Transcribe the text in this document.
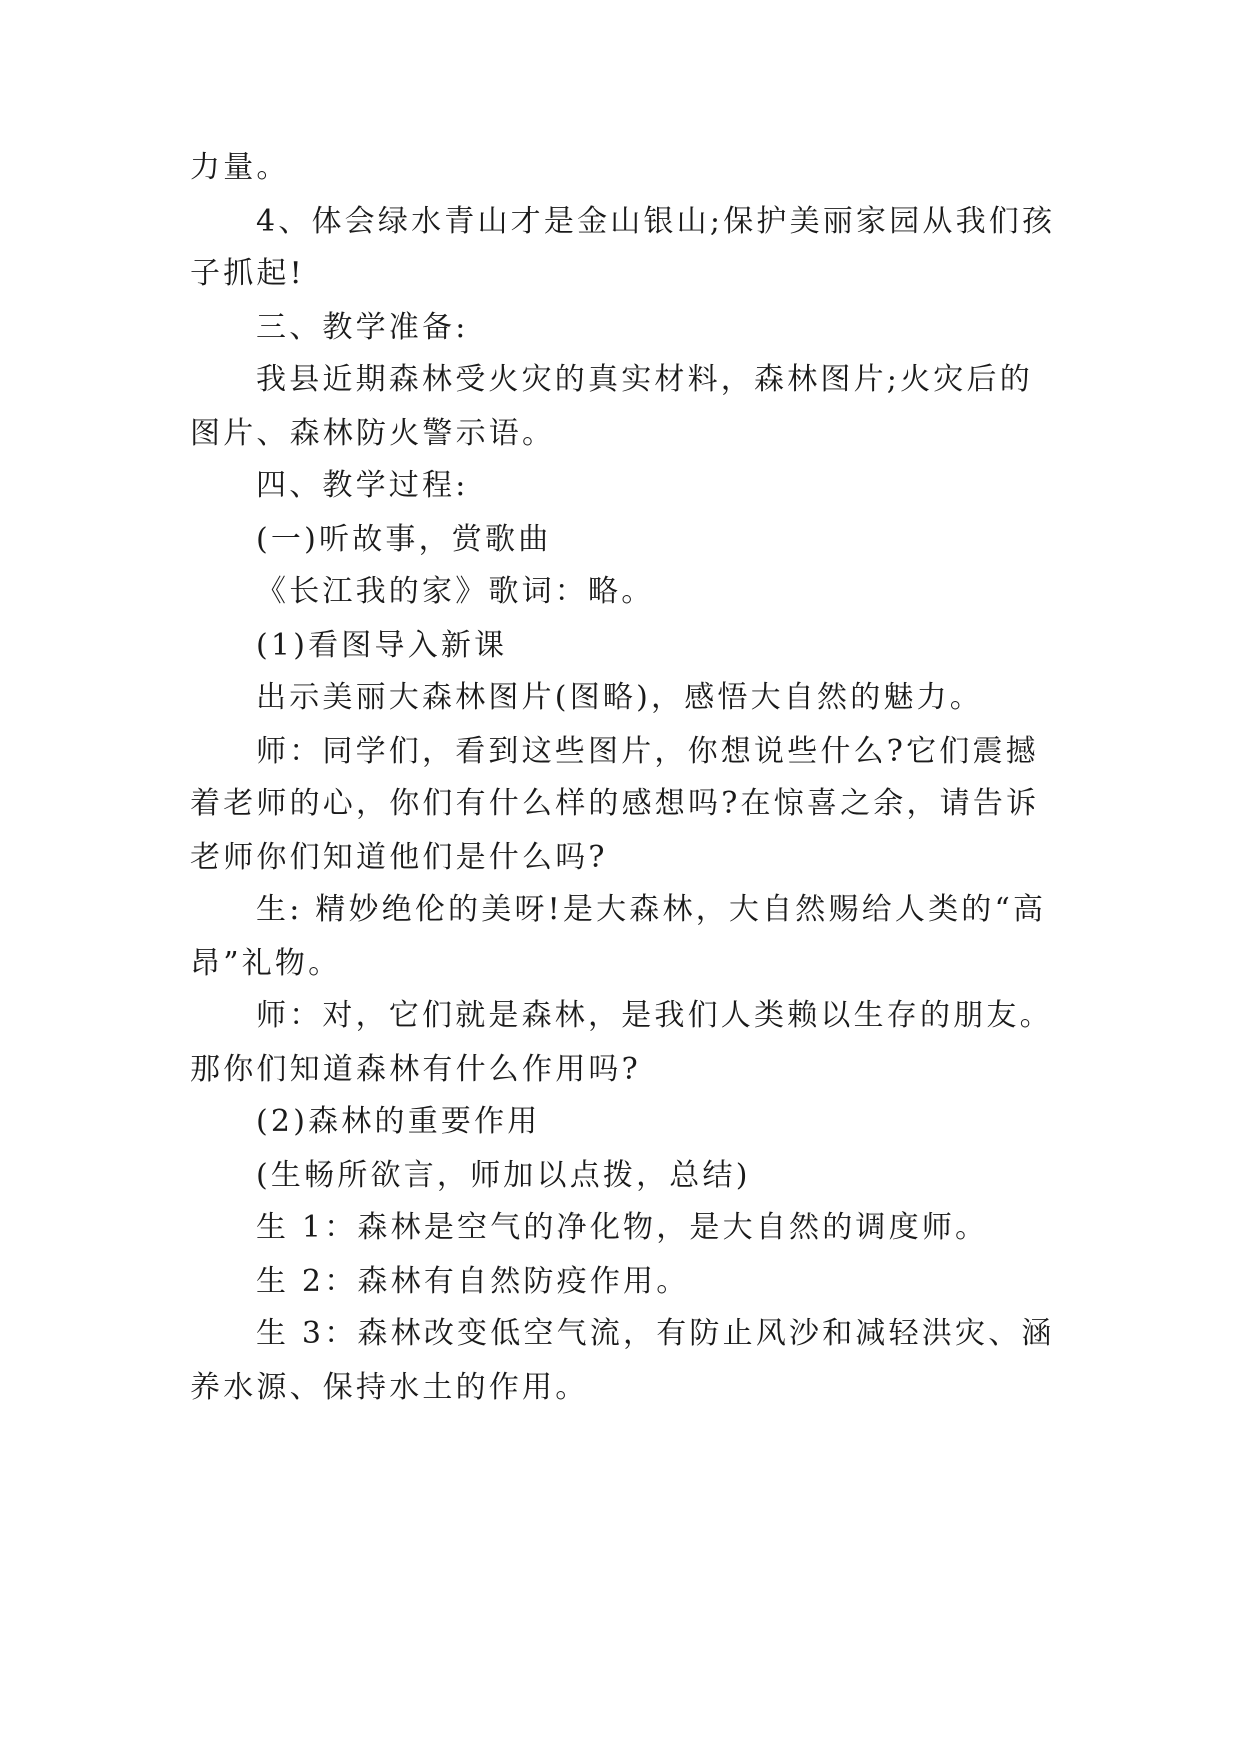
力量。
4、体会绿水青山才是金山银山;保护美丽家园从我们孩
子抓起!
三、教学准备:
我县近期森林受火灾的真实材料，森林图片;火灾后的
图片、森林防火警示语。
四、教学过程:
(一)听故事，赏歌曲
《长江我的家》歌词：略。
(1)看图导入新课
出示美丽大森林图片(图略)，感悟大自然的魅力。
师：同学们，看到这些图片，你想说些什么?它们震撼
着老师的心，你们有什么样的感想吗?在惊喜之余，请告诉
老师你们知道他们是什么吗?
生: 精妙绝伦的美呀!是大森林，大自然赐给人类的“高
昂”礼物。
师：对，它们就是森林，是我们人类赖以生存的朋友。
那你们知道森林有什么作用吗?
(2)森林的重要作用
(生畅所欲言，师加以点拨，总结)
生 1：森林是空气的净化物，是大自然的调度师。
生 2：森林有自然防疫作用。
生 3：森林改变低空气流，有防止风沙和减轻洪灾、涵
养水源、保持水土的作用。
